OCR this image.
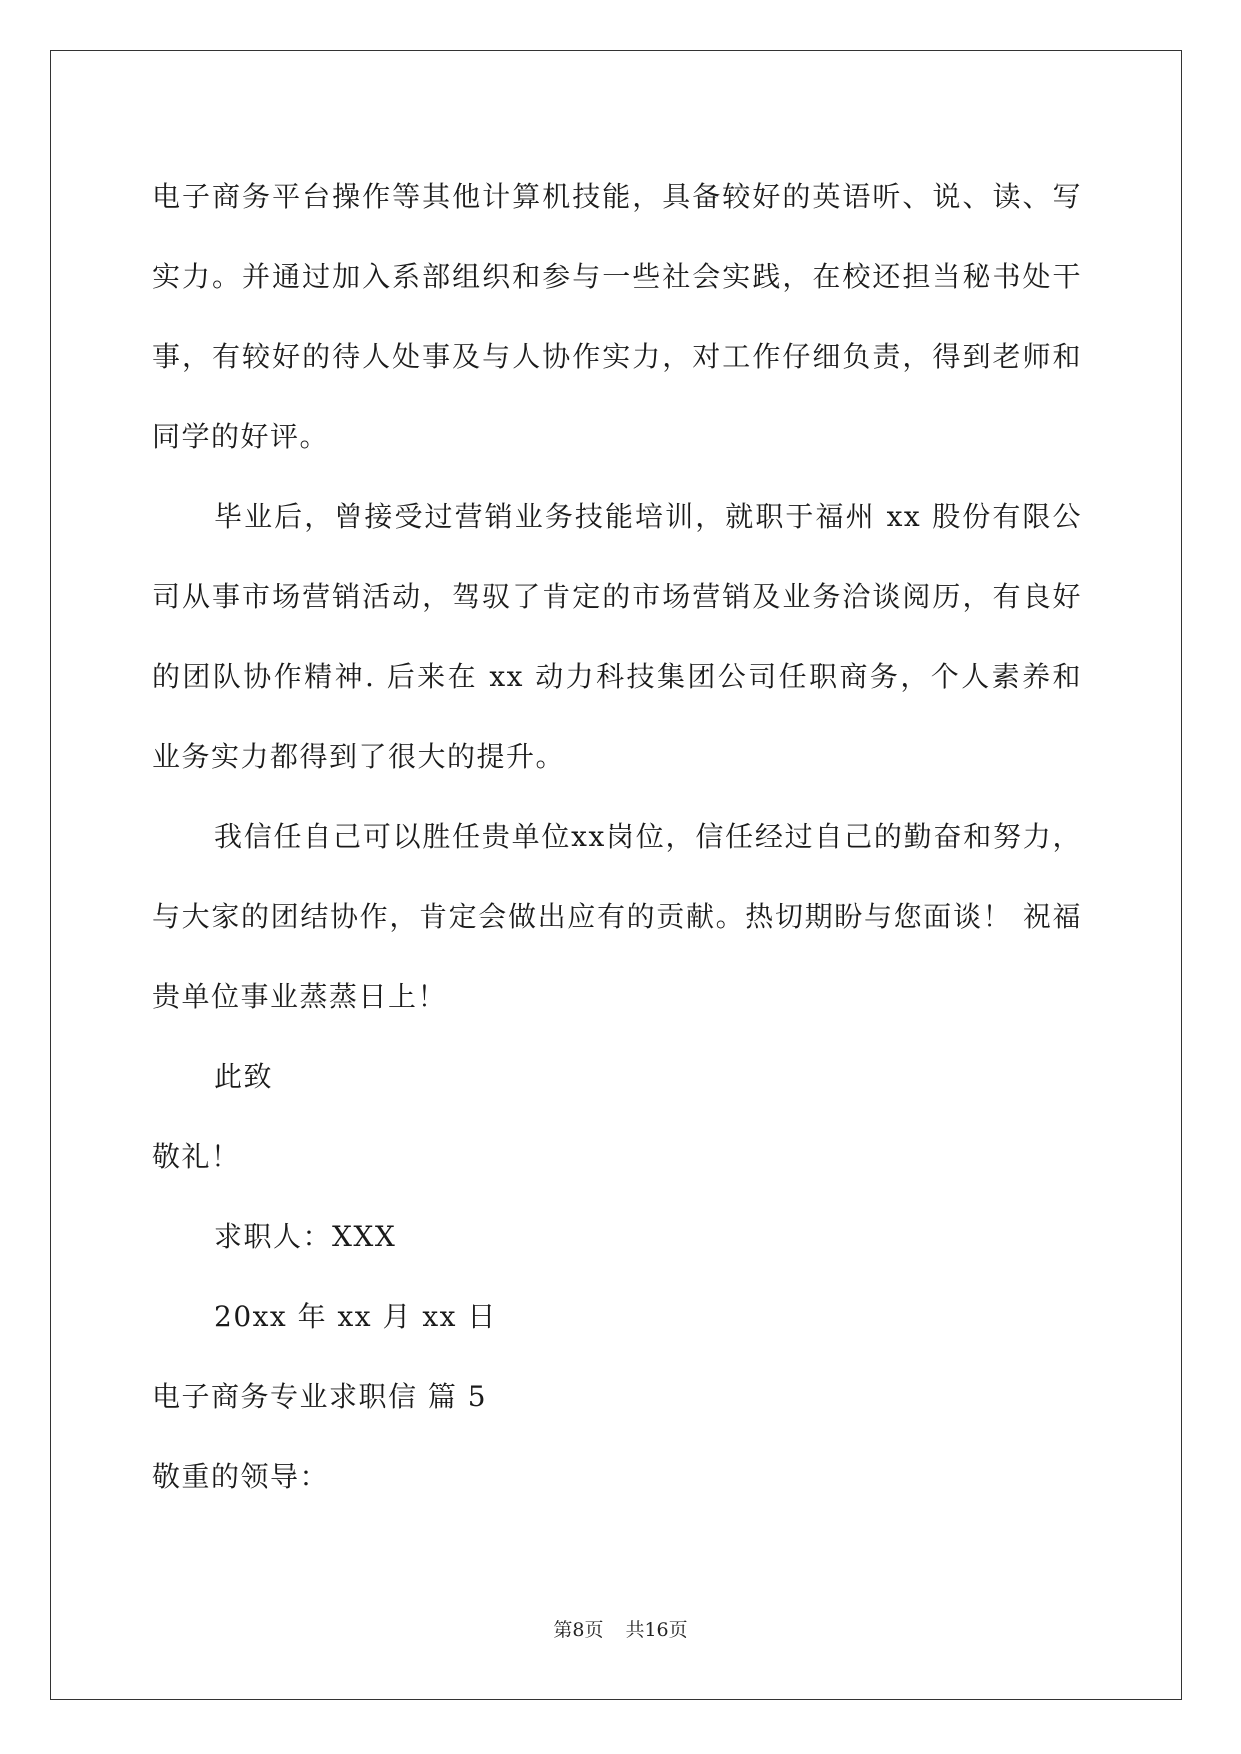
电子商务平台操作等其他计算机技能，具备较好的英语听、说、读、写实力。并通过加入系部组织和参与一些社会实践，在校还担当秘书处干事，有较好的待人处事及与人协作实力，对工作仔细负责，得到老师和同学的好评。

毕业后，曾接受过营销业务技能培训，就职于福州 xx 股份有限公司从事市场营销活动，驾驭了肯定的市场营销及业务洽谈阅历，有良好的团队协作精神. 后来在 xx 动力科技集团公司任职商务，个人素养和业务实力都得到了很大的提升。

我信任自己可以胜任贵单位xx岗位，信任经过自己的勤奋和努力，与大家的团结协作，肯定会做出应有的贡献。热切期盼与您面谈！ 祝福贵单位事业蒸蒸日上！

此致

敬礼！

求职人：XXX

20xx 年 xx 月 xx 日

电子商务专业求职信 篇 5

敬重的领导：

第8页 共16页
